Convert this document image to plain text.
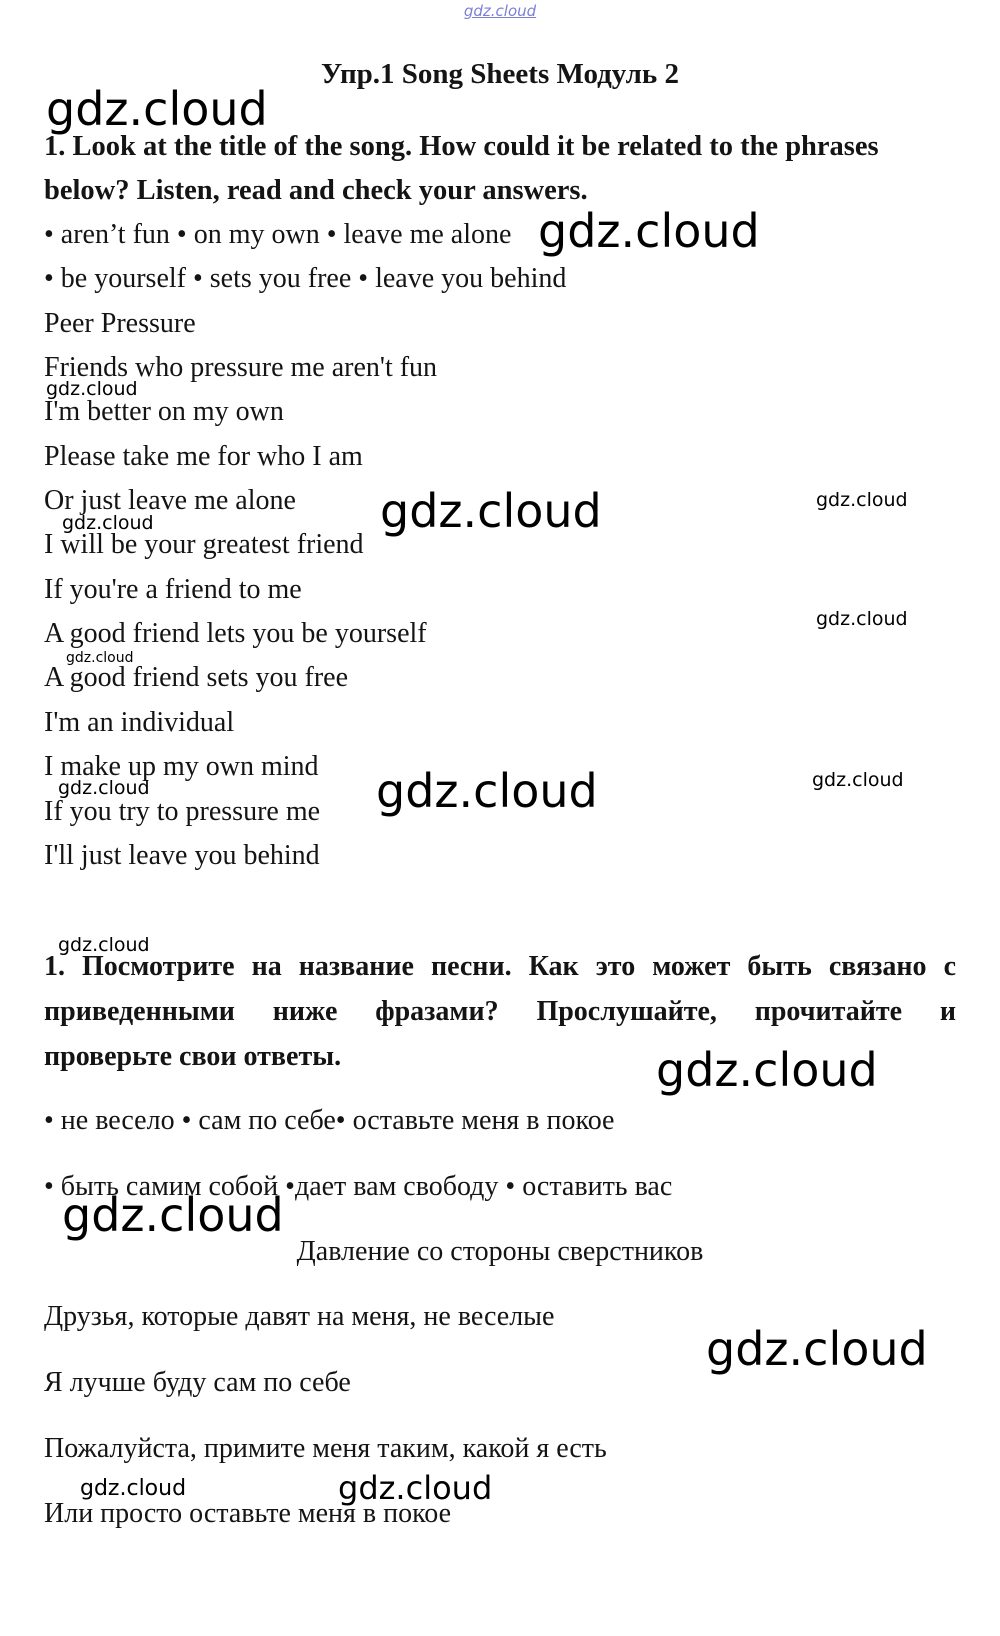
gdz.cloud
Упр.1 Song Sheets Модуль 2
1. Look at the title of the song. How could it be related to the phrases
below? Listen, read and check your answers.
• aren’t fun • on my own • leave me alone
• be yourself • sets you free • leave you behind
Peer Pressure
Friends who pressure me aren't fun
I'm better on my own
Please take me for who I am
Or just leave me alone
I will be your greatest friend
If you're a friend to me
A good friend lets you be yourself
A good friend sets you free
I'm an individual
I make up my own mind
If you try to pressure me
I'll just leave you behind
1. Посмотрите на название песни. Как это может быть связано с
приведенными ниже фразами? Прослушайте, прочитайте и
проверьте свои ответы.
• не весело • сам по себе• оставьте меня в покое
• быть самим собой •дает вам свободу • оставить вас
Давление со стороны сверстников
Друзья, которые давят на меня, не веселые
Я лучше буду сам по себе
Пожалуйста, примите меня таким, какой я есть
Или просто оставьте меня в покое
gdz.cloud
gdz.cloud
gdz.cloud
gdz.cloud	gdz.cloud
gdz.cloud
gdz.cloud
gdz.cloud
gdz.cloud	gdz.cloud
gdz.cloud
gdz.cloud
gdz.cloud
gdz.cloud
gdz.cloud
gdz.cloud	gdz.cloud
